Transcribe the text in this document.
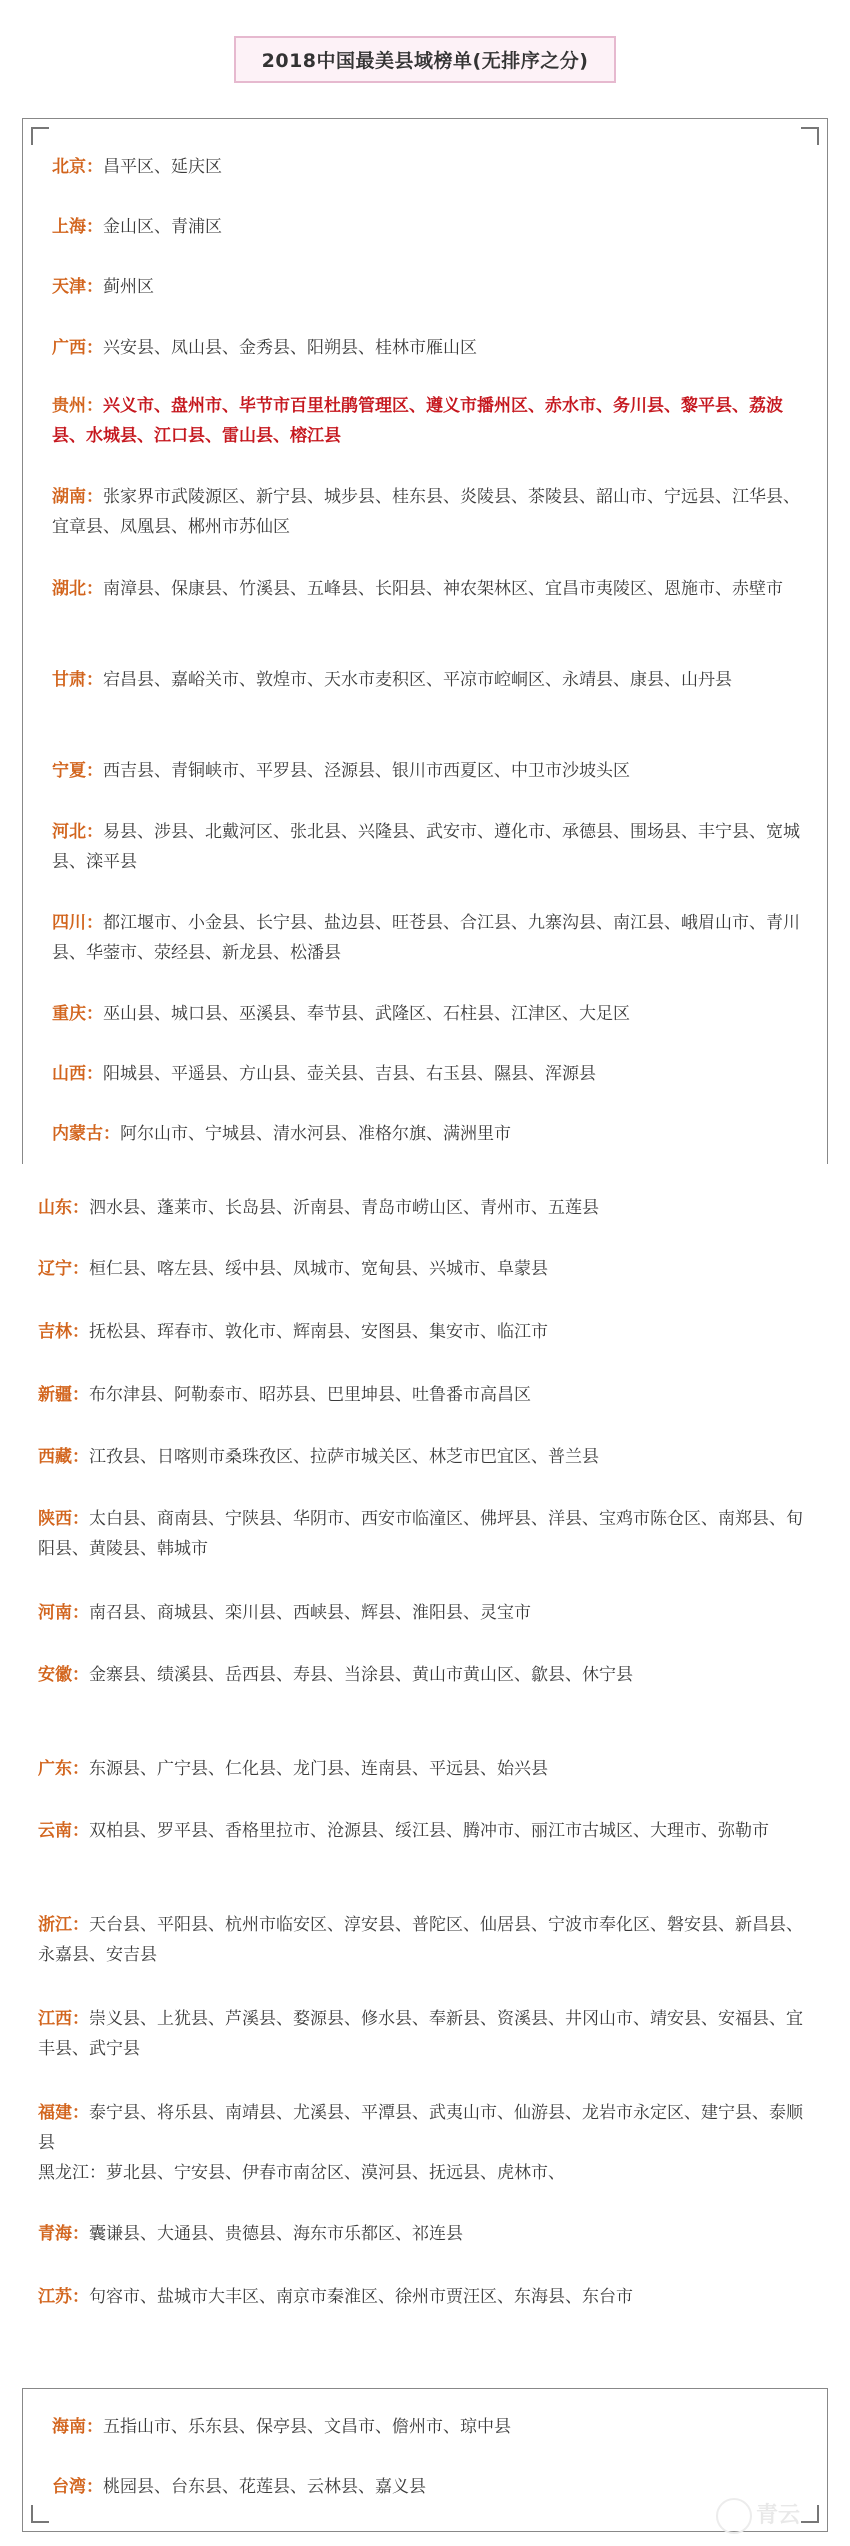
2018中国最美县域榜单(无排序之分)
北京：昌平区、延庆区
上海：金山区、青浦区
天津：蓟州区
广西：兴安县、凤山县、金秀县、阳朔县、桂林市雁山区
贵州：兴义市、盘州市、毕节市百里杜鹃管理区、遵义市播州区、赤水市、务川县、黎平县、荔波县、水城县、江口县、雷山县、榕江县
湖南：张家界市武陵源区、新宁县、城步县、桂东县、炎陵县、茶陵县、韶山市、宁远县、江华县、宜章县、凤凰县、郴州市苏仙区
湖北：南漳县、保康县、竹溪县、五峰县、长阳县、神农架林区、宜昌市夷陵区、恩施市、赤壁市
甘肃：宕昌县、嘉峪关市、敦煌市、天水市麦积区、平凉市崆峒区、永靖县、康县、山丹县
宁夏：西吉县、青铜峡市、平罗县、泾源县、银川市西夏区、中卫市沙坡头区
河北：易县、涉县、北戴河区、张北县、兴隆县、武安市、遵化市、承德县、围场县、丰宁县、宽城县、滦平县
四川：都江堰市、小金县、长宁县、盐边县、旺苍县、合江县、九寨沟县、南江县、峨眉山市、青川县、华蓥市、荥经县、新龙县、松潘县
重庆：巫山县、城口县、巫溪县、奉节县、武隆区、石柱县、江津区、大足区
山西：阳城县、平遥县、方山县、壶关县、吉县、右玉县、隰县、浑源县
内蒙古：阿尔山市、宁城县、清水河县、准格尔旗、满洲里市
山东：泗水县、蓬莱市、长岛县、沂南县、青岛市崂山区、青州市、五莲县
辽宁：桓仁县、喀左县、绥中县、凤城市、宽甸县、兴城市、阜蒙县
吉林：抚松县、珲春市、敦化市、辉南县、安图县、集安市、临江市
新疆：布尔津县、阿勒泰市、昭苏县、巴里坤县、吐鲁番市高昌区
西藏：江孜县、日喀则市桑珠孜区、拉萨市城关区、林芝市巴宜区、普兰县
陕西：太白县、商南县、宁陕县、华阴市、西安市临潼区、佛坪县、洋县、宝鸡市陈仓区、南郑县、旬阳县、黄陵县、韩城市
河南：南召县、商城县、栾川县、西峡县、辉县、淮阳县、灵宝市
安徽：金寨县、绩溪县、岳西县、寿县、当涂县、黄山市黄山区、歙县、休宁县
广东：东源县、广宁县、仁化县、龙门县、连南县、平远县、始兴县
云南：双柏县、罗平县、香格里拉市、沧源县、绥江县、腾冲市、丽江市古城区、大理市、弥勒市
浙江：天台县、平阳县、杭州市临安区、淳安县、普陀区、仙居县、宁波市奉化区、磐安县、新昌县、永嘉县、安吉县
江西：崇义县、上犹县、芦溪县、婺源县、修水县、奉新县、资溪县、井冈山市、靖安县、安福县、宜丰县、武宁县
福建：泰宁县、将乐县、南靖县、尤溪县、平潭县、武夷山市、仙游县、龙岩市永定区、建宁县、泰顺县
黑龙江：萝北县、宁安县、伊春市南岔区、漠河县、抚远县、虎林市、
青海：囊谦县、大通县、贵德县、海东市乐都区、祁连县
江苏：句容市、盐城市大丰区、南京市秦淮区、徐州市贾汪区、东海县、东台市
海南：五指山市、乐东县、保亭县、文昌市、儋州市、琼中县
台湾：桃园县、台东县、花莲县、云林县、嘉义县
青云
